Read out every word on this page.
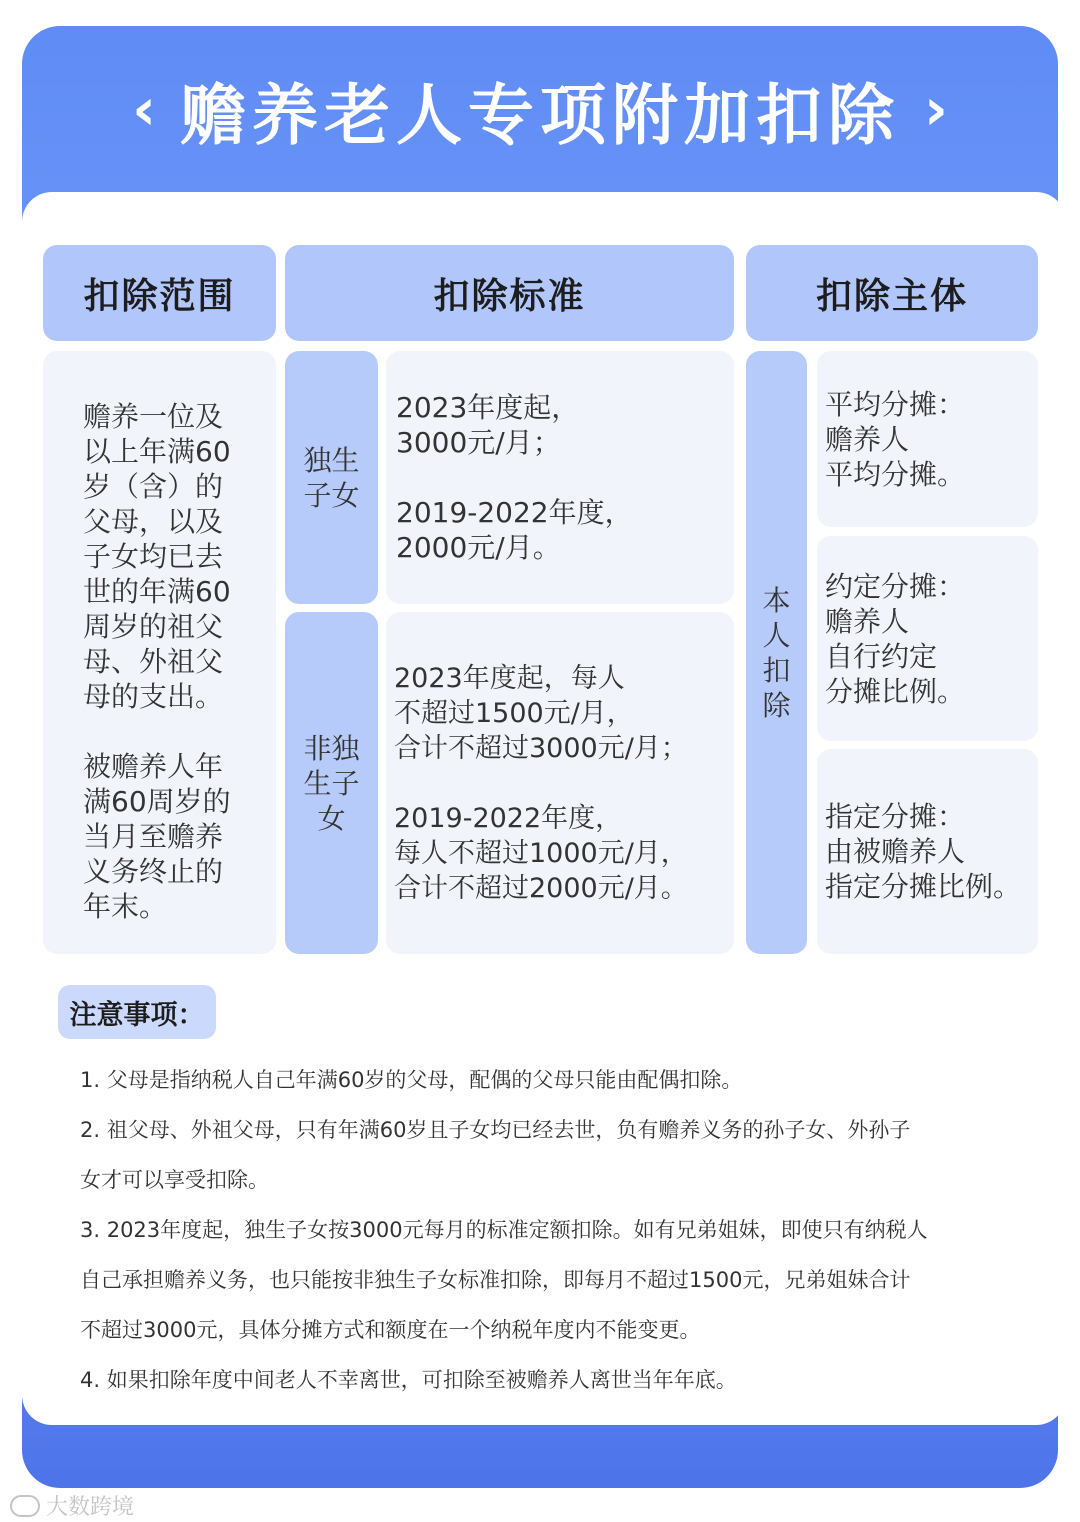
‹ 赡养老人专项附加扣除 ›
扣除范围	扣除标准	扣除主体
赡养一位及
以上年满60
岁（含）的
父母，以及
子女均已去
世的年满60
周岁的祖父
母、外祖父
母的支出。

被赡养人年
满60周岁的
当月至赡养
义务终止的
年末。
独生
子女
2023年度起，
3000元/月；

2019-2022年度，
2000元/月。
非独
生子
女
2023年度起，每人
不超过1500元/月，
合计不超过3000元/月；

2019-2022年度，
每人不超过1000元/月，
合计不超过2000元/月。
本
人
扣
除
平均分摊：
赡养人
平均分摊。
约定分摊：
赡养人
自行约定
分摊比例。
指定分摊：
由被赡养人
指定分摊比例。
注意事项：
1. 父母是指纳税人自己年满60岁的父母，配偶的父母只能由配偶扣除。
2. 祖父母、外祖父母，只有年满60岁且子女均已经去世，负有赡养义务的孙子女、外孙子
女才可以享受扣除。
3. 2023年度起，独生子女按3000元每月的标准定额扣除。如有兄弟姐妹，即使只有纳税人
自己承担赡养义务，也只能按非独生子女标准扣除，即每月不超过1500元，兄弟姐妹合计
不超过3000元，具体分摊方式和额度在一个纳税年度内不能变更。
4. 如果扣除年度中间老人不幸离世，可扣除至被赡养人离世当年年底。
大数跨境
